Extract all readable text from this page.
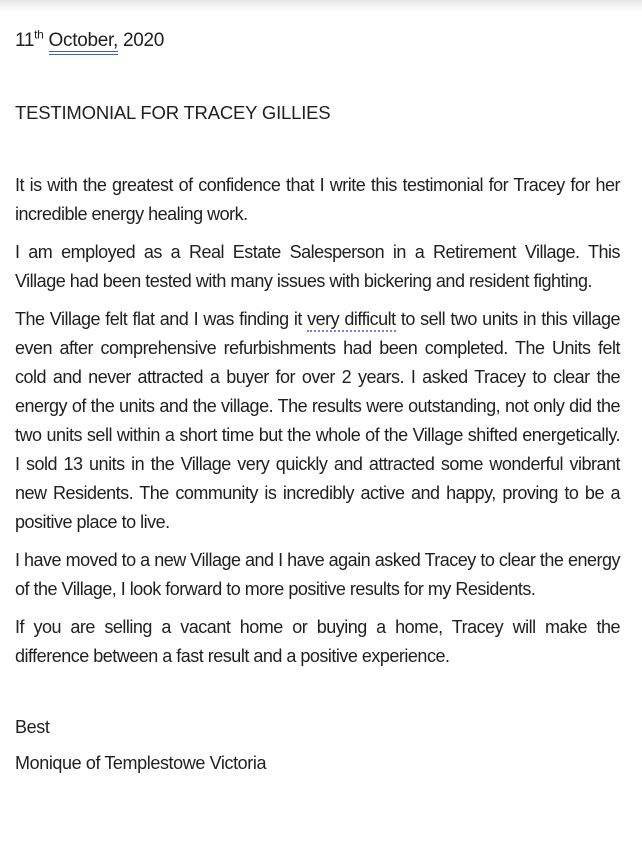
11th October, 2020

TESTIMONIAL FOR TRACEY GILLIES

It is with the greatest of confidence that I write this testimonial for Tracey for her incredible energy healing work.

I am employed as a Real Estate Salesperson in a Retirement Village. This Village had been tested with many issues with bickering and resident fighting.

The Village felt flat and I was finding it very difficult to sell two units in this village even after comprehensive refurbishments had been completed. The Units felt cold and never attracted a buyer for over 2 years. I asked Tracey to clear the energy of the units and the village. The results were outstanding, not only did the two units sell within a short time but the whole of the Village shifted energetically. I sold 13 units in the Village very quickly and attracted some wonderful vibrant new Residents. The community is incredibly active and happy, proving to be a positive place to live.

I have moved to a new Village and I have again asked Tracey to clear the energy of the Village, I look forward to more positive results for my Residents.

If you are selling a vacant home or buying a home, Tracey will make the difference between a fast result and a positive experience.

Best

Monique of Templestowe Victoria
